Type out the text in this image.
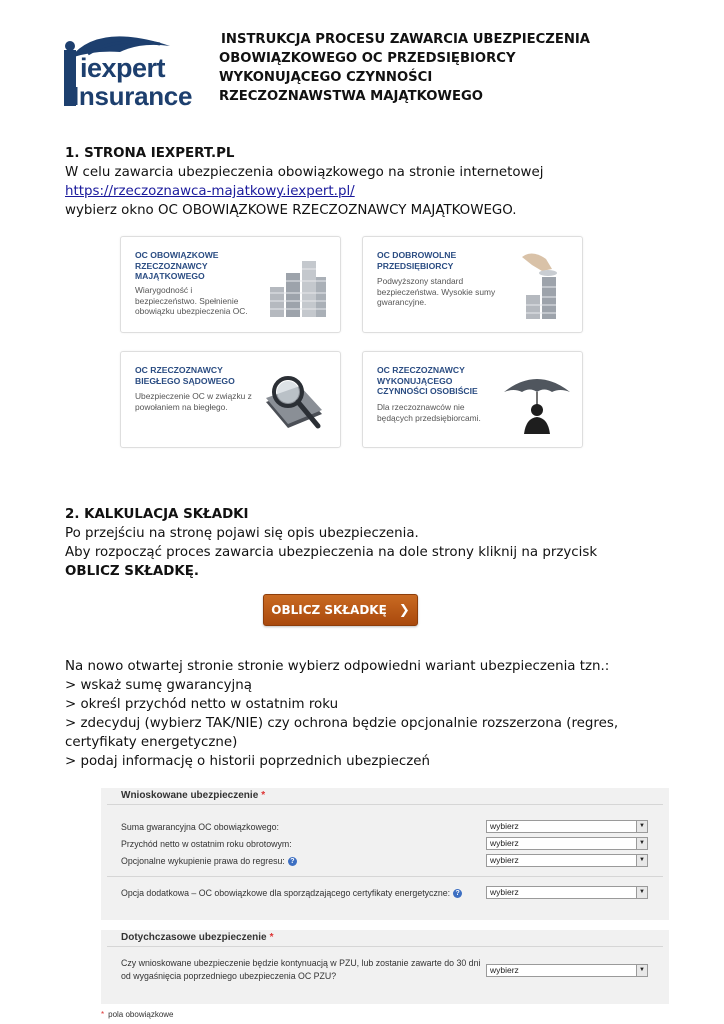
iexpert
Insurance
INSTRUKCJA PROCESU ZAWARCIA UBEZPIECZENIA
OBOWIĄZKOWEGO OC PRZEDSIĘBIORCY
WYKONUJĄCEGO CZYNNOŚCI
RZECZOZNAWSTWA MAJĄTKOWEGO
1. STRONA IEXPERT.PL
W celu zawarcia ubezpieczenia obowiązkowego na stronie internetowej
https://rzeczoznawca-majatkowy.iexpert.pl/
wybierz okno OC OBOWIĄZKOWE RZECZOZNAWCY MAJĄTKOWEGO.
OC OBOWIĄZKOWE RZECZOZNAWCY MAJĄTKOWEGO
Wiarygodność i bezpieczeństwo. Spełnienie obowiązku ubezpieczenia OC.
OC DOBROWOLNE PRZEDSIĘBIORCY
Podwyższony standard bezpieczeństwa. Wysokie sumy gwarancyjne.
OC RZECZOZNAWCY BIEGŁEGO SĄDOWEGO
Ubezpieczenie OC w związku z powołaniem na biegłego.
OC RZECZOZNAWCY WYKONUJĄCEGO CZYNNOŚCI OSOBIŚCIE
Dla rzeczoznawców nie będących przedsiębiorcami.
2. KALKULACJA SKŁADKI
Po przejściu na stronę pojawi się opis ubezpieczenia.
Aby rozpocząć proces zawarcia ubezpieczenia na dole strony kliknij na przycisk
OBLICZ SKŁADKĘ.
OBLICZ SKŁADKĘ ❯
Na nowo otwartej stronie stronie wybierz odpowiedni wariant ubezpieczenia tzn.:
> wskaż sumę gwarancyjną
> określ przychód netto w ostatnim roku
> zdecyduj (wybierz TAK/NIE) czy ochrona będzie opcjonalnie rozszerzona (regres,
certyfikaty energetyczne)
> podaj informację o historii poprzednich ubezpieczeń
Wnioskowane ubezpieczenie *
Suma gwarancyjna OC obowiązkowego:	wybierz	▼
Przychód netto w ostatnim roku obrotowym:	wybierz	▼
Opcjonalne wykupienie prawa do regresu: ?	wybierz	▼
Opcja dodatkowa – OC obowiązkowe dla sporządzającego certyfikaty energetyczne: ?	wybierz	▼
Dotychczasowe ubezpieczenie *
Czy wnioskowane ubezpieczenie będzie kontynuacją w PZU, lub zostanie zawarte do 30 dni od wygaśnięcia poprzedniego ubezpieczenia OC PZU?
wybierz	▼
* pola obowiązkowe
